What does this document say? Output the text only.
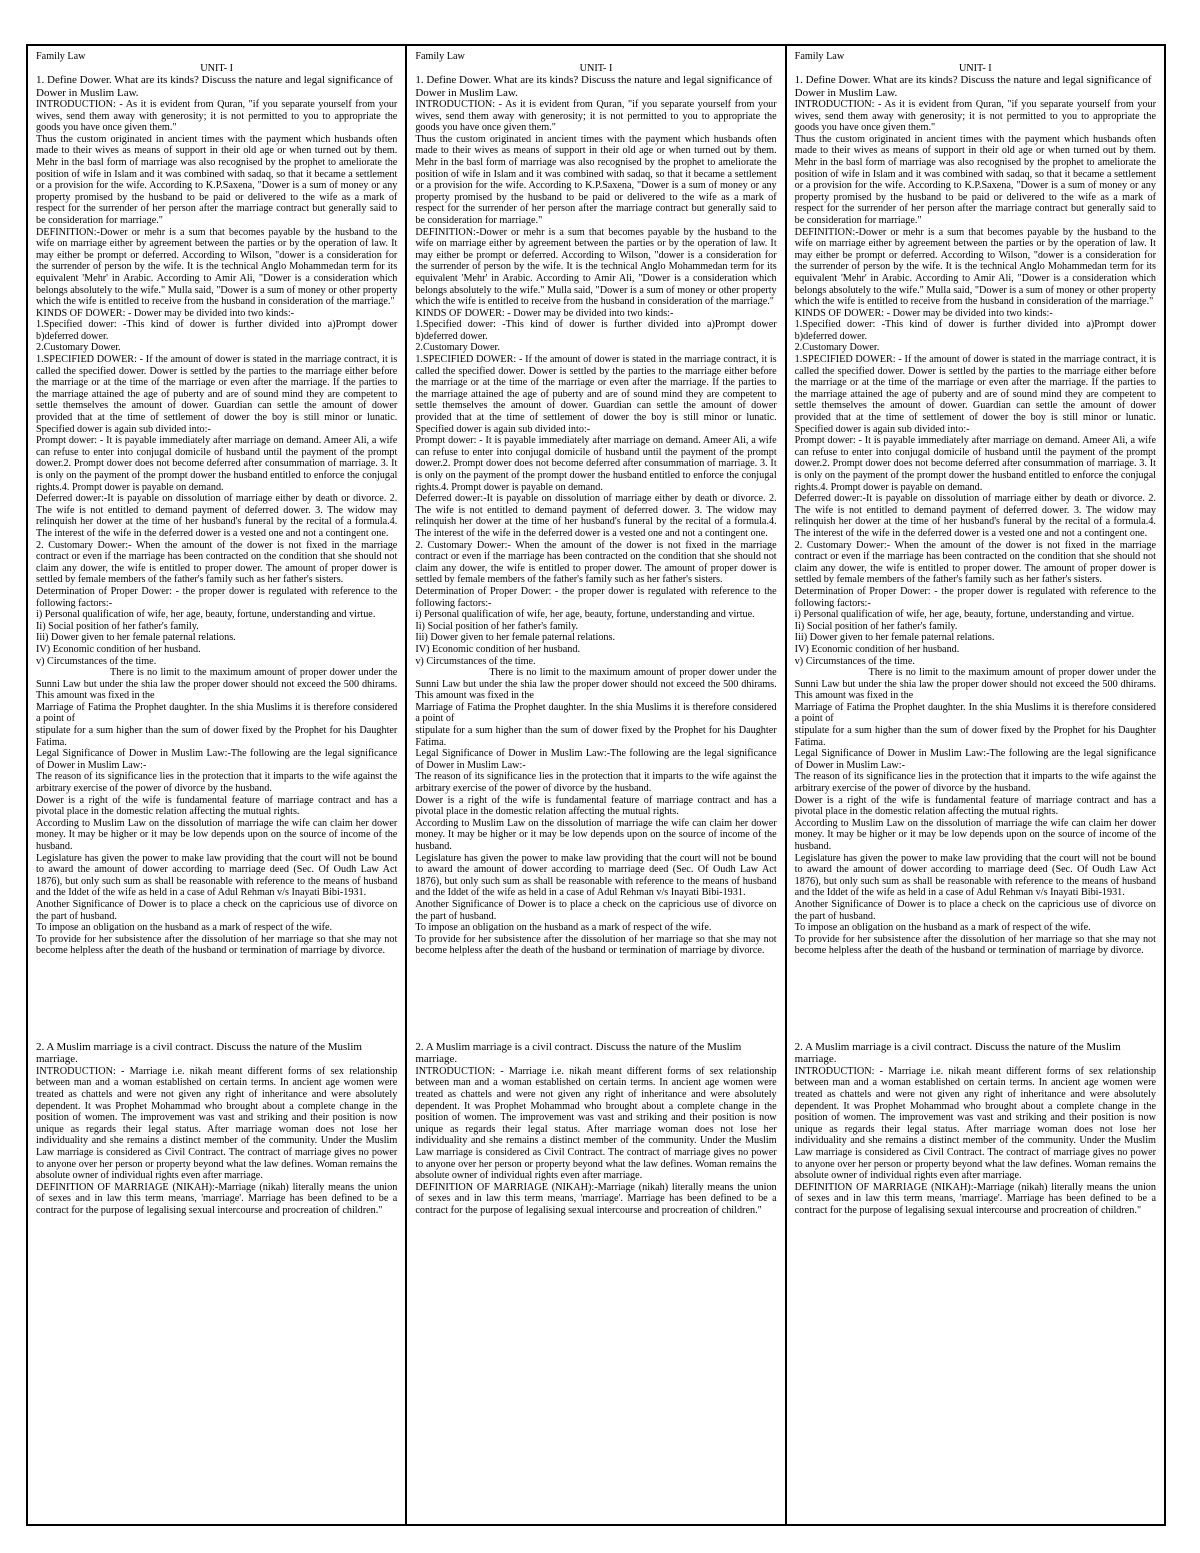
Family Law

UNIT- I

1. Define Dower. What are its kinds? Discuss the nature and legal significance of Dower in Muslim Law.

INTRODUCTION: - As it is evident from Quran, "if you separate yourself from your wives, send them away with generosity; it is not permitted to you to appropriate the goods you have once given them."

Thus the custom originated in ancient times with the payment which husbands often made to their wives as means of support in their old age or when turned out by them. Mehr in the basl form of marriage was also recognised by the prophet to ameliorate the position of wife in Islam and it was combined with sadaq, so that it became a settlement or a provision for the wife. According to K.P.Saxena, "Dower is a sum of money or any property promised by the husband to be paid or delivered to the wife as a mark of respect for the surrender of her person after the marriage contract but generally said to be consideration for marriage."

DEFINITION:-Dower or mehr is a sum that becomes payable by the husband to the wife on marriage either by agreement between the parties or by the operation of law. It may either be prompt or deferred. According to Wilson, "dower is a consideration for the surrender of person by the wife. It is the technical Anglo Mohammedan term for its equivalent 'Mehr' in Arabic. According to Amir Ali, "Dower is a consideration which belongs absolutely to the wife." Mulla said, "Dower is a sum of money or other property which the wife is entitled to receive from the husband in consideration of the marriage."

KINDS OF DOWER: - Dower may be divided into two kinds:-

1.Specified dower: -This kind of dower is further divided into a)Prompt dower b)deferred dower.

2.Customary Dower.

1.SPECIFIED DOWER: - If the amount of dower is stated in the marriage contract, it is called the specified dower. Dower is settled by the parties to the marriage either before the marriage or at the time of the marriage or even after the marriage. If the parties to the marriage attained the age of puberty and are of sound mind they are competent to settle themselves the amount of dower. Guardian can settle the amount of dower provided that at the time of settlement of dower the boy is still minor or lunatic. Specified dower is again sub divided into:-

Prompt dower: - It is payable immediately after marriage on demand. Ameer Ali, a wife can refuse to enter into conjugal domicile of husband until the payment of the prompt dower.2. Prompt dower does not become deferred after consummation of marriage. 3. It is only on the payment of the prompt dower the husband entitled to enforce the conjugal rights.4. Prompt dower is payable on demand.

Deferred dower:-It is payable on dissolution of marriage either by death or divorce. 2. The wife is not entitled to demand payment of deferred dower. 3. The widow may relinquish her dower at the time of her husband's funeral by the recital of a formula.4. The interest of the wife in the deferred dower is a vested one and not a contingent one.

2. Customary Dower:- When the amount of the dower is not fixed in the marriage contract or even if the marriage has been contracted on the condition that she should not claim any dower, the wife is entitled to proper dower. The amount of proper dower is settled by female members of the father's family such as her father's sisters.

Determination of Proper Dower: - the proper dower is regulated with reference to the following factors:-

i) Personal qualification of wife, her age, beauty, fortune, understanding and virtue.

Ii) Social position of her father's family.

Iii) Dower given to her female paternal relations.

IV) Economic condition of her husband.

v) Circumstances of the time.

There is no limit to the maximum amount of proper dower under the Sunni Law but under the shia law the proper dower should not exceed the 500 dhirams. This amount was fixed in the

Marriage of Fatima the Prophet daughter. In the shia Muslims it is therefore considered a point of

stipulate for a sum higher than the sum of dower fixed by the Prophet for his Daughter Fatima.

Legal Significance of Dower in Muslim Law:-The following are the legal significance of Dower in Muslim Law:-

The reason of its significance lies in the protection that it imparts to the wife against the arbitrary exercise of the power of divorce by the husband.

Dower is a right of the wife is fundamental feature of marriage contract and has a pivotal place in the domestic relation affecting the mutual rights.

According to Muslim Law on the dissolution of marriage the wife can claim her dower money. It may be higher or it may be low depends upon on the source of income of the husband.

Legislature has given the power to make law providing that the court will not be bound to award the amount of dower according to marriage deed (Sec. Of Oudh Law Act 1876), but only such sum as shall be reasonable with reference to the means of husband and the Iddet of the wife as held in a case of Adul Rehman v/s Inayati Bibi-1931.

Another Significance of Dower is to place a check on the capricious use of divorce on the part of husband.

To impose an obligation on the husband as a mark of respect of the wife.

To provide for her subsistence after the dissolution of her marriage so that she may not become helpless after the death of the husband or termination of marriage by divorce.

2. A Muslim marriage is a civil contract. Discuss the nature of the Muslim marriage.

INTRODUCTION: - Marriage i.e. nikah meant different forms of sex relationship between man and a woman established on certain terms. In ancient age women were treated as chattels and were not given any right of inheritance and were absolutely dependent. It was Prophet Mohammad who brought about a complete change in the position of women. The improvement was vast and striking and their position is now unique as regards their legal status. After marriage woman does not lose her individuality and she remains a distinct member of the community. Under the Muslim Law marriage is considered as Civil Contract. The contract of marriage gives no power to anyone over her person or property beyond what the law defines. Woman remains the absolute owner of individual rights even after marriage.

DEFINITION OF MARRIAGE (NIKAH):-Marriage (nikah) literally means the union of sexes and in law this term means, 'marriage'. Marriage has been defined to be a contract for the purpose of legalising sexual intercourse and procreation of children."

Family Law

UNIT- I

1. Define Dower. What are its kinds? Discuss the nature and legal significance of Dower in Muslim Law.

INTRODUCTION: - As it is evident from Quran, "if you separate yourself from your wives, send them away with generosity; it is not permitted to you to appropriate the goods you have once given them."

Thus the custom originated in ancient times with the payment which husbands often made to their wives as means of support in their old age or when turned out by them. Mehr in the basl form of marriage was also recognised by the prophet to ameliorate the position of wife in Islam and it was combined with sadaq, so that it became a settlement or a provision for the wife. According to K.P.Saxena, "Dower is a sum of money or any property promised by the husband to be paid or delivered to the wife as a mark of respect for the surrender of her person after the marriage contract but generally said to be consideration for marriage."

DEFINITION:-Dower or mehr is a sum that becomes payable by the husband to the wife on marriage either by agreement between the parties or by the operation of law. It may either be prompt or deferred. According to Wilson, "dower is a consideration for the surrender of person by the wife. It is the technical Anglo Mohammedan term for its equivalent 'Mehr' in Arabic. According to Amir Ali, "Dower is a consideration which belongs absolutely to the wife." Mulla said, "Dower is a sum of money or other property which the wife is entitled to receive from the husband in consideration of the marriage."

KINDS OF DOWER: - Dower may be divided into two kinds:-

1.Specified dower: -This kind of dower is further divided into a)Prompt dower b)deferred dower.

2.Customary Dower.

1.SPECIFIED DOWER: - If the amount of dower is stated in the marriage contract, it is called the specified dower. Dower is settled by the parties to the marriage either before the marriage or at the time of the marriage or even after the marriage. If the parties to the marriage attained the age of puberty and are of sound mind they are competent to settle themselves the amount of dower. Guardian can settle the amount of dower provided that at the time of settlement of dower the boy is still minor or lunatic. Specified dower is again sub divided into:-

Prompt dower: - It is payable immediately after marriage on demand. Ameer Ali, a wife can refuse to enter into conjugal domicile of husband until the payment of the prompt dower.2. Prompt dower does not become deferred after consummation of marriage. 3. It is only on the payment of the prompt dower the husband entitled to enforce the conjugal rights.4. Prompt dower is payable on demand.

Deferred dower:-It is payable on dissolution of marriage either by death or divorce. 2. The wife is not entitled to demand payment of deferred dower. 3. The widow may relinquish her dower at the time of her husband's funeral by the recital of a formula.4. The interest of the wife in the deferred dower is a vested one and not a contingent one.

2. Customary Dower:- When the amount of the dower is not fixed in the marriage contract or even if the marriage has been contracted on the condition that she should not claim any dower, the wife is entitled to proper dower. The amount of proper dower is settled by female members of the father's family such as her father's sisters.

Determination of Proper Dower: - the proper dower is regulated with reference to the following factors:-

i) Personal qualification of wife, her age, beauty, fortune, understanding and virtue.

Ii) Social position of her father's family.

Iii) Dower given to her female paternal relations.

IV) Economic condition of her husband.

v) Circumstances of the time.

There is no limit to the maximum amount of proper dower under the Sunni Law but under the shia law the proper dower should not exceed the 500 dhirams. This amount was fixed in the

Marriage of Fatima the Prophet daughter. In the shia Muslims it is therefore considered a point of

stipulate for a sum higher than the sum of dower fixed by the Prophet for his Daughter Fatima.

Legal Significance of Dower in Muslim Law:-The following are the legal significance of Dower in Muslim Law:-

The reason of its significance lies in the protection that it imparts to the wife against the arbitrary exercise of the power of divorce by the husband.

Dower is a right of the wife is fundamental feature of marriage contract and has a pivotal place in the domestic relation affecting the mutual rights.

According to Muslim Law on the dissolution of marriage the wife can claim her dower money. It may be higher or it may be low depends upon on the source of income of the husband.

Legislature has given the power to make law providing that the court will not be bound to award the amount of dower according to marriage deed (Sec. Of Oudh Law Act 1876), but only such sum as shall be reasonable with reference to the means of husband and the Iddet of the wife as held in a case of Adul Rehman v/s Inayati Bibi-1931.

Another Significance of Dower is to place a check on the capricious use of divorce on the part of husband.

To impose an obligation on the husband as a mark of respect of the wife.

To provide for her subsistence after the dissolution of her marriage so that she may not become helpless after the death of the husband or termination of marriage by divorce.

2. A Muslim marriage is a civil contract. Discuss the nature of the Muslim marriage.

INTRODUCTION: - Marriage i.e. nikah meant different forms of sex relationship between man and a woman established on certain terms. In ancient age women were treated as chattels and were not given any right of inheritance and were absolutely dependent. It was Prophet Mohammad who brought about a complete change in the position of women. The improvement was vast and striking and their position is now unique as regards their legal status. After marriage woman does not lose her individuality and she remains a distinct member of the community. Under the Muslim Law marriage is considered as Civil Contract. The contract of marriage gives no power to anyone over her person or property beyond what the law defines. Woman remains the absolute owner of individual rights even after marriage.

DEFINITION OF MARRIAGE (NIKAH):-Marriage (nikah) literally means the union of sexes and in law this term means, 'marriage'. Marriage has been defined to be a contract for the purpose of legalising sexual intercourse and procreation of children."

Family Law

UNIT- I

1. Define Dower. What are its kinds? Discuss the nature and legal significance of Dower in Muslim Law.

INTRODUCTION: - As it is evident from Quran, "if you separate yourself from your wives, send them away with generosity; it is not permitted to you to appropriate the goods you have once given them."

Thus the custom originated in ancient times with the payment which husbands often made to their wives as means of support in their old age or when turned out by them. Mehr in the basl form of marriage was also recognised by the prophet to ameliorate the position of wife in Islam and it was combined with sadaq, so that it became a settlement or a provision for the wife. According to K.P.Saxena, "Dower is a sum of money or any property promised by the husband to be paid or delivered to the wife as a mark of respect for the surrender of her person after the marriage contract but generally said to be consideration for marriage."

DEFINITION:-Dower or mehr is a sum that becomes payable by the husband to the wife on marriage either by agreement between the parties or by the operation of law. It may either be prompt or deferred. According to Wilson, "dower is a consideration for the surrender of person by the wife. It is the technical Anglo Mohammedan term for its equivalent 'Mehr' in Arabic. According to Amir Ali, "Dower is a consideration which belongs absolutely to the wife." Mulla said, "Dower is a sum of money or other property which the wife is entitled to receive from the husband in consideration of the marriage."

KINDS OF DOWER: - Dower may be divided into two kinds:-

1.Specified dower: -This kind of dower is further divided into a)Prompt dower b)deferred dower.

2.Customary Dower.

1.SPECIFIED DOWER: - If the amount of dower is stated in the marriage contract, it is called the specified dower. Dower is settled by the parties to the marriage either before the marriage or at the time of the marriage or even after the marriage. If the parties to the marriage attained the age of puberty and are of sound mind they are competent to settle themselves the amount of dower. Guardian can settle the amount of dower provided that at the time of settlement of dower the boy is still minor or lunatic. Specified dower is again sub divided into:-

Prompt dower: - It is payable immediately after marriage on demand. Ameer Ali, a wife can refuse to enter into conjugal domicile of husband until the payment of the prompt dower.2. Prompt dower does not become deferred after consummation of marriage. 3. It is only on the payment of the prompt dower the husband entitled to enforce the conjugal rights.4. Prompt dower is payable on demand.

Deferred dower:-It is payable on dissolution of marriage either by death or divorce. 2. The wife is not entitled to demand payment of deferred dower. 3. The widow may relinquish her dower at the time of her husband's funeral by the recital of a formula.4. The interest of the wife in the deferred dower is a vested one and not a contingent one.

2. Customary Dower:- When the amount of the dower is not fixed in the marriage contract or even if the marriage has been contracted on the condition that she should not claim any dower, the wife is entitled to proper dower. The amount of proper dower is settled by female members of the father's family such as her father's sisters.

Determination of Proper Dower: - the proper dower is regulated with reference to the following factors:-

i) Personal qualification of wife, her age, beauty, fortune, understanding and virtue.

Ii) Social position of her father's family.

Iii) Dower given to her female paternal relations.

IV) Economic condition of her husband.

v) Circumstances of the time.

There is no limit to the maximum amount of proper dower under the Sunni Law but under the shia law the proper dower should not exceed the 500 dhirams. This amount was fixed in the

Marriage of Fatima the Prophet daughter. In the shia Muslims it is therefore considered a point of

stipulate for a sum higher than the sum of dower fixed by the Prophet for his Daughter Fatima.

Legal Significance of Dower in Muslim Law:-The following are the legal significance of Dower in Muslim Law:-

The reason of its significance lies in the protection that it imparts to the wife against the arbitrary exercise of the power of divorce by the husband.

Dower is a right of the wife is fundamental feature of marriage contract and has a pivotal place in the domestic relation affecting the mutual rights.

According to Muslim Law on the dissolution of marriage the wife can claim her dower money. It may be higher or it may be low depends upon on the source of income of the husband.

Legislature has given the power to make law providing that the court will not be bound to award the amount of dower according to marriage deed (Sec. Of Oudh Law Act 1876), but only such sum as shall be reasonable with reference to the means of husband and the Iddet of the wife as held in a case of Adul Rehman v/s Inayati Bibi-1931.

Another Significance of Dower is to place a check on the capricious use of divorce on the part of husband.

To impose an obligation on the husband as a mark of respect of the wife.

To provide for her subsistence after the dissolution of her marriage so that she may not become helpless after the death of the husband or termination of marriage by divorce.

2. A Muslim marriage is a civil contract. Discuss the nature of the Muslim marriage.

INTRODUCTION: - Marriage i.e. nikah meant different forms of sex relationship between man and a woman established on certain terms. In ancient age women were treated as chattels and were not given any right of inheritance and were absolutely dependent. It was Prophet Mohammad who brought about a complete change in the position of women. The improvement was vast and striking and their position is now unique as regards their legal status. After marriage woman does not lose her individuality and she remains a distinct member of the community. Under the Muslim Law marriage is considered as Civil Contract. The contract of marriage gives no power to anyone over her person or property beyond what the law defines. Woman remains the absolute owner of individual rights even after marriage.

DEFINITION OF MARRIAGE (NIKAH):-Marriage (nikah) literally means the union of sexes and in law this term means, 'marriage'. Marriage has been defined to be a contract for the purpose of legalising sexual intercourse and procreation of children."
